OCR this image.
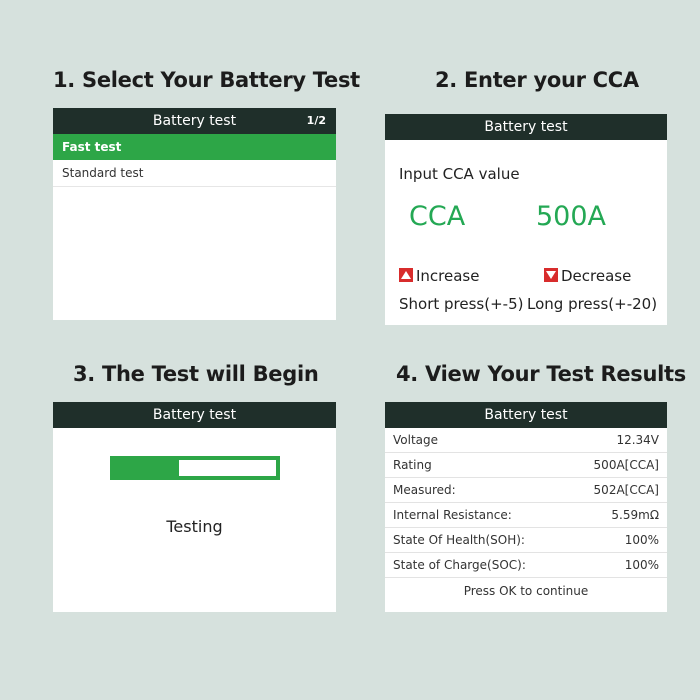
1. Select Your Battery Test	2. Enter your CCA
3. The Test will Begin	4. View Your Test Results
Battery test	1/2
Fast test
Standard test
Battery test
Input CCA value
CCA	500A
Increase	Decrease
Short press(+-5) Long press(+-20)
Battery test
Testing
Battery test
Voltage	12.34V
Rating	500A[CCA]
Measured:	502A[CCA]
Internal Resistance:	5.59mΩ
State Of Health(SOH):	100%
State of Charge(SOC):	100%
Press OK to continue
